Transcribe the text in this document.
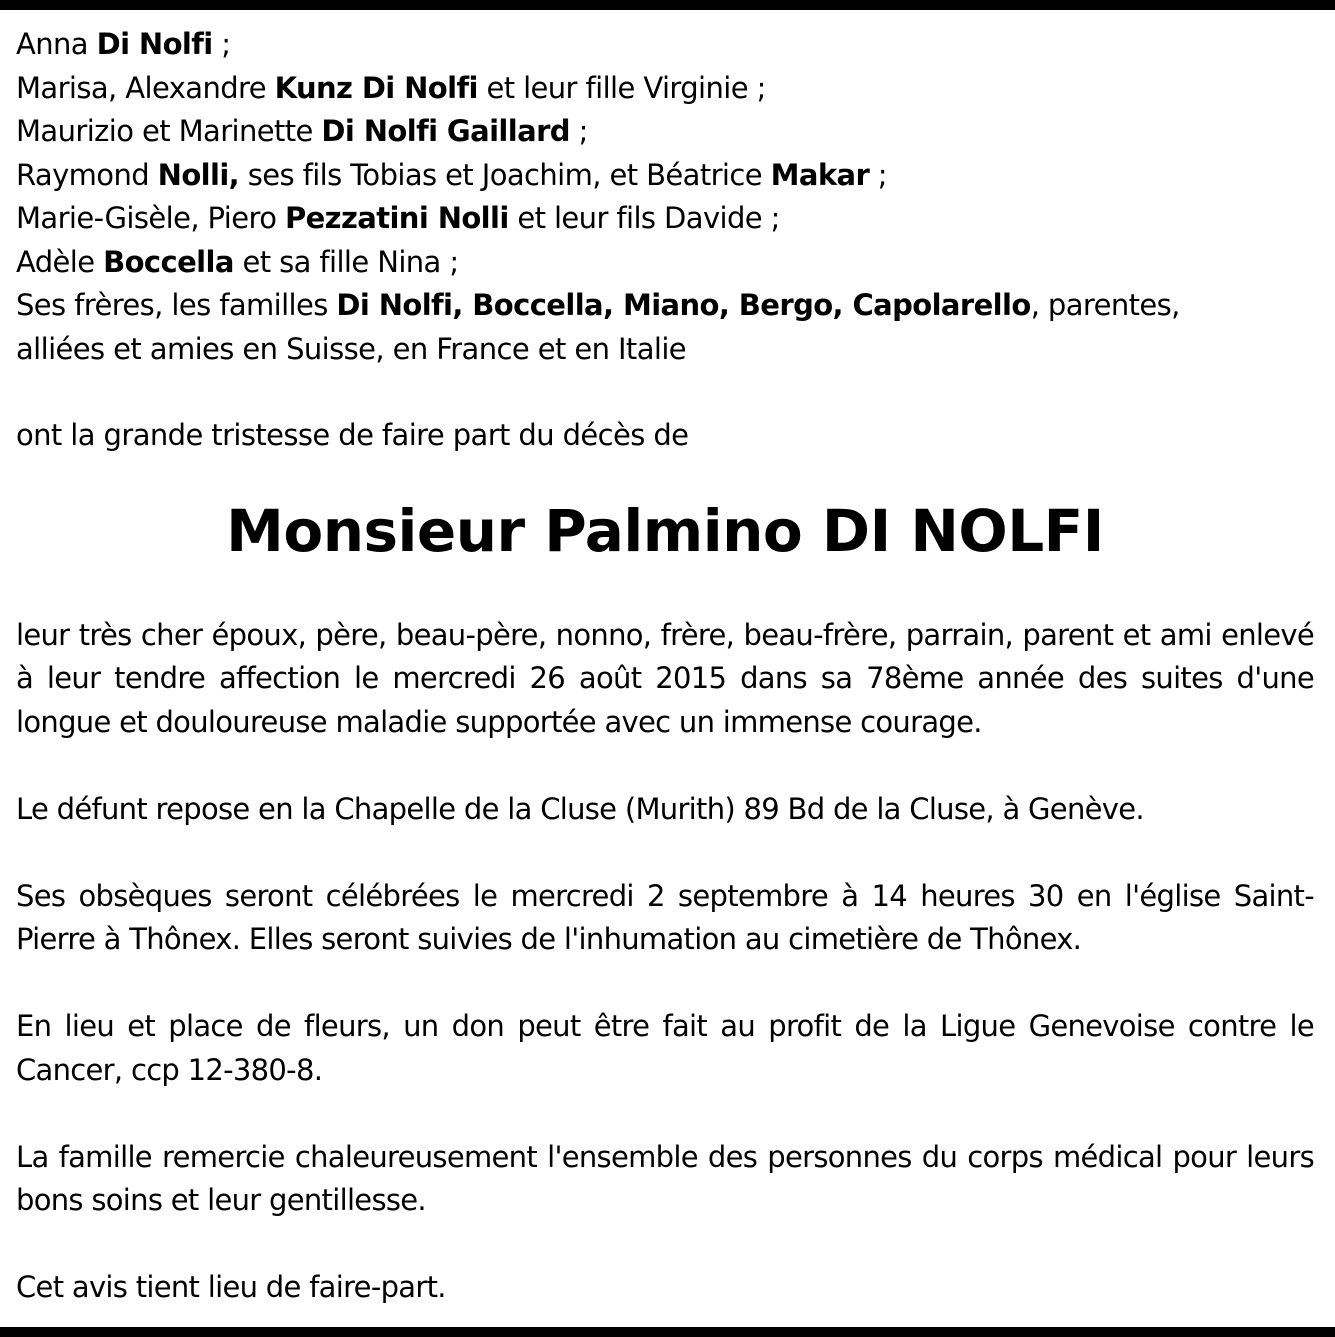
Anna Di Nolfi ;
Marisa, Alexandre Kunz Di Nolfi et leur fille Virginie ;
Maurizio et Marinette Di Nolfi Gaillard ;
Raymond Nolli, ses fils Tobias et Joachim, et Béatrice Makar ;
Marie-Gisèle, Piero Pezzatini Nolli et leur fils Davide ;
Adèle Boccella et sa fille Nina ;
Ses frères, les familles Di Nolfi, Boccella, Miano, Bergo, Capolarello, parentes,
alliées et amies en Suisse, en France et en Italie
ont la grande tristesse de faire part du décès de
Monsieur Palmino DI NOLFI

leur très cher époux, père, beau-père, nonno, frère, beau-frère, parrain, parent et ami enlevé à leur tendre affection le mercredi 26 août 2015 dans sa 78ème année des suites d'une longue et douloureuse maladie supportée avec un immense courage.

Le défunt repose en la Chapelle de la Cluse (Murith) 89 Bd de la Cluse, à Genève.

Ses obsèques seront célébrées le mercredi 2 septembre à 14 heures 30 en l'église Saint-Pierre à Thônex. Elles seront suivies de l'inhumation au cimetière de Thônex.

En lieu et place de fleurs, un don peut être fait au profit de la Ligue Genevoise contre le Cancer, ccp 12-380-8.

La famille remercie chaleureusement l'ensemble des personnes du corps médical pour leurs bons soins et leur gentillesse.

Cet avis tient lieu de faire-part.
